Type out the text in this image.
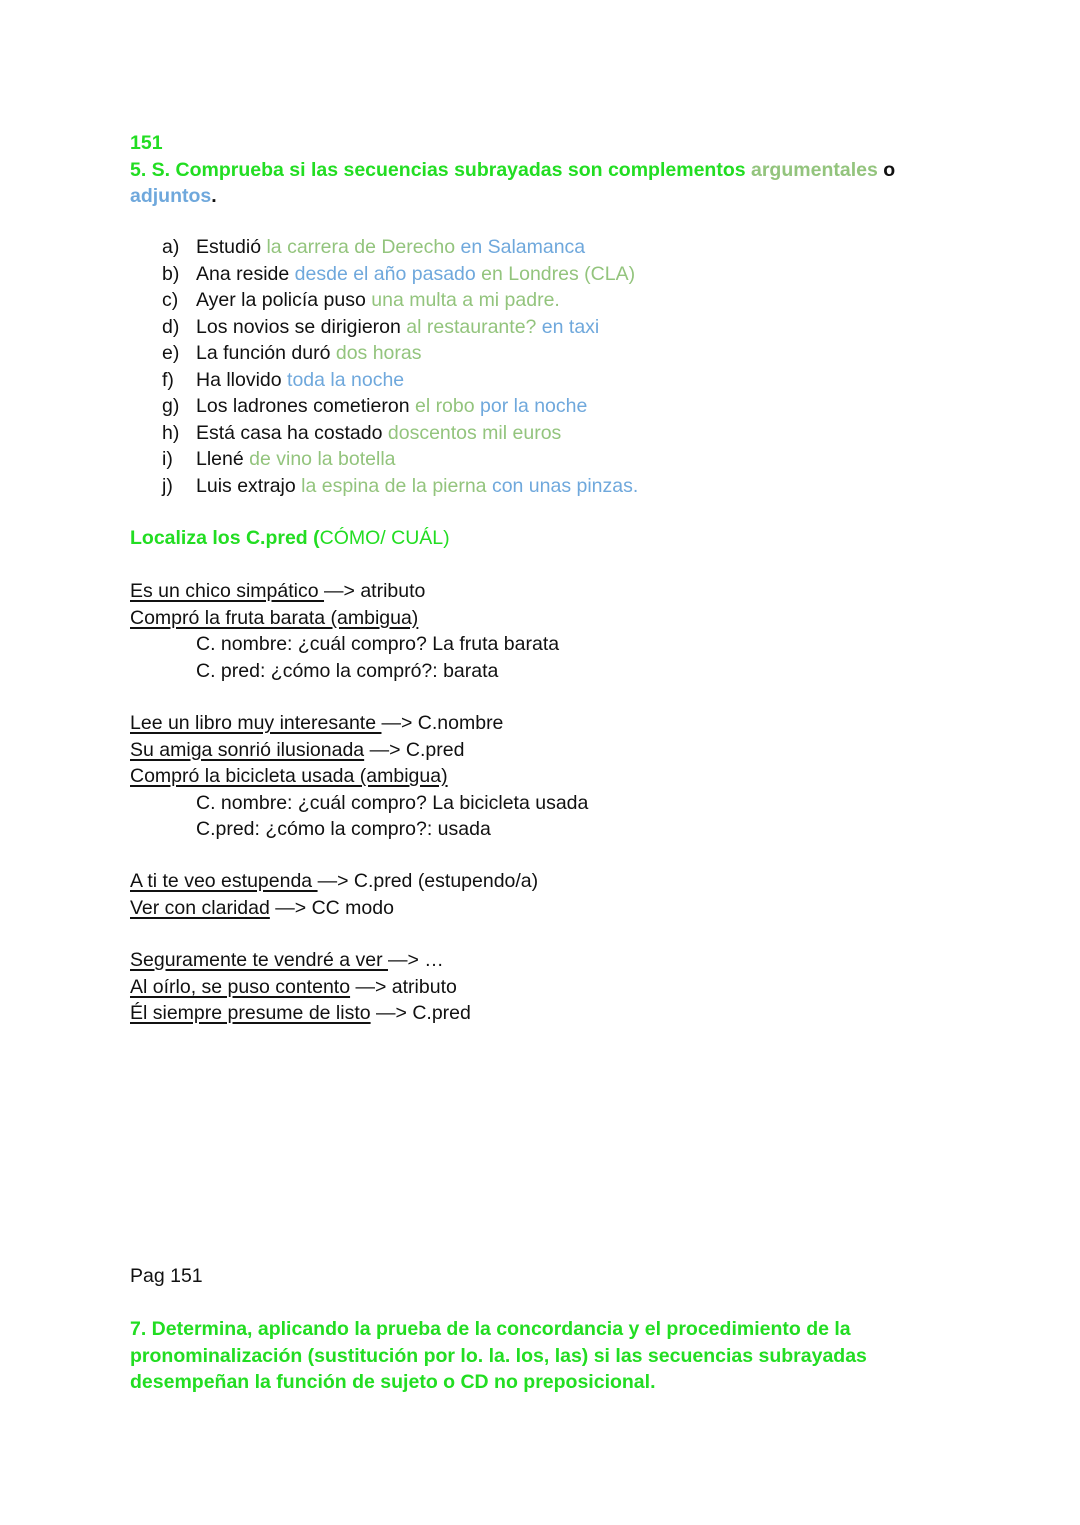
151
5. S. Comprueba si las secuencias subrayadas son complementos argumentales o
adjuntos.
a) Estudió la carrera de Derecho en Salamanca
b) Ana reside desde el año pasado en Londres (CLA)
c) Ayer la policía puso una multa a mi padre.
d) Los novios se dirigieron al restaurante? en taxi
e) La función duró dos horas
f) Ha llovido toda la noche
g) Los ladrones cometieron el robo por la noche
h) Está casa ha costado doscentos mil euros
i) Llené de vino la botella
j) Luis extrajo la espina de la pierna con unas pinzas.
Localiza los C.pred (CÓMO/ CUÁL)
Es un chico simpático —> atributo
Compró la fruta barata (ambigua)
C. nombre: ¿cuál compro? La fruta barata
C. pred: ¿cómo la compró?: barata
Lee un libro muy interesante —> C.nombre
Su amiga sonrió ilusionada —> C.pred
Compró la bicicleta usada (ambigua)
C. nombre: ¿cuál compro? La bicicleta usada
C.pred: ¿cómo la compro?: usada
A ti te veo estupenda —> C.pred (estupendo/a)
Ver con claridad —> CC modo
Seguramente te vendré a ver —> …
Al oírlo, se puso contento —> atributo
Él siempre presume de listo —> C.pred
Pag 151
7. Determina, aplicando la prueba de la concordancia y el procedimiento de la
pronominalización (sustitución por lo. la. los, las) si las secuencias subrayadas
desempeñan la función de sujeto o CD no preposicional.
